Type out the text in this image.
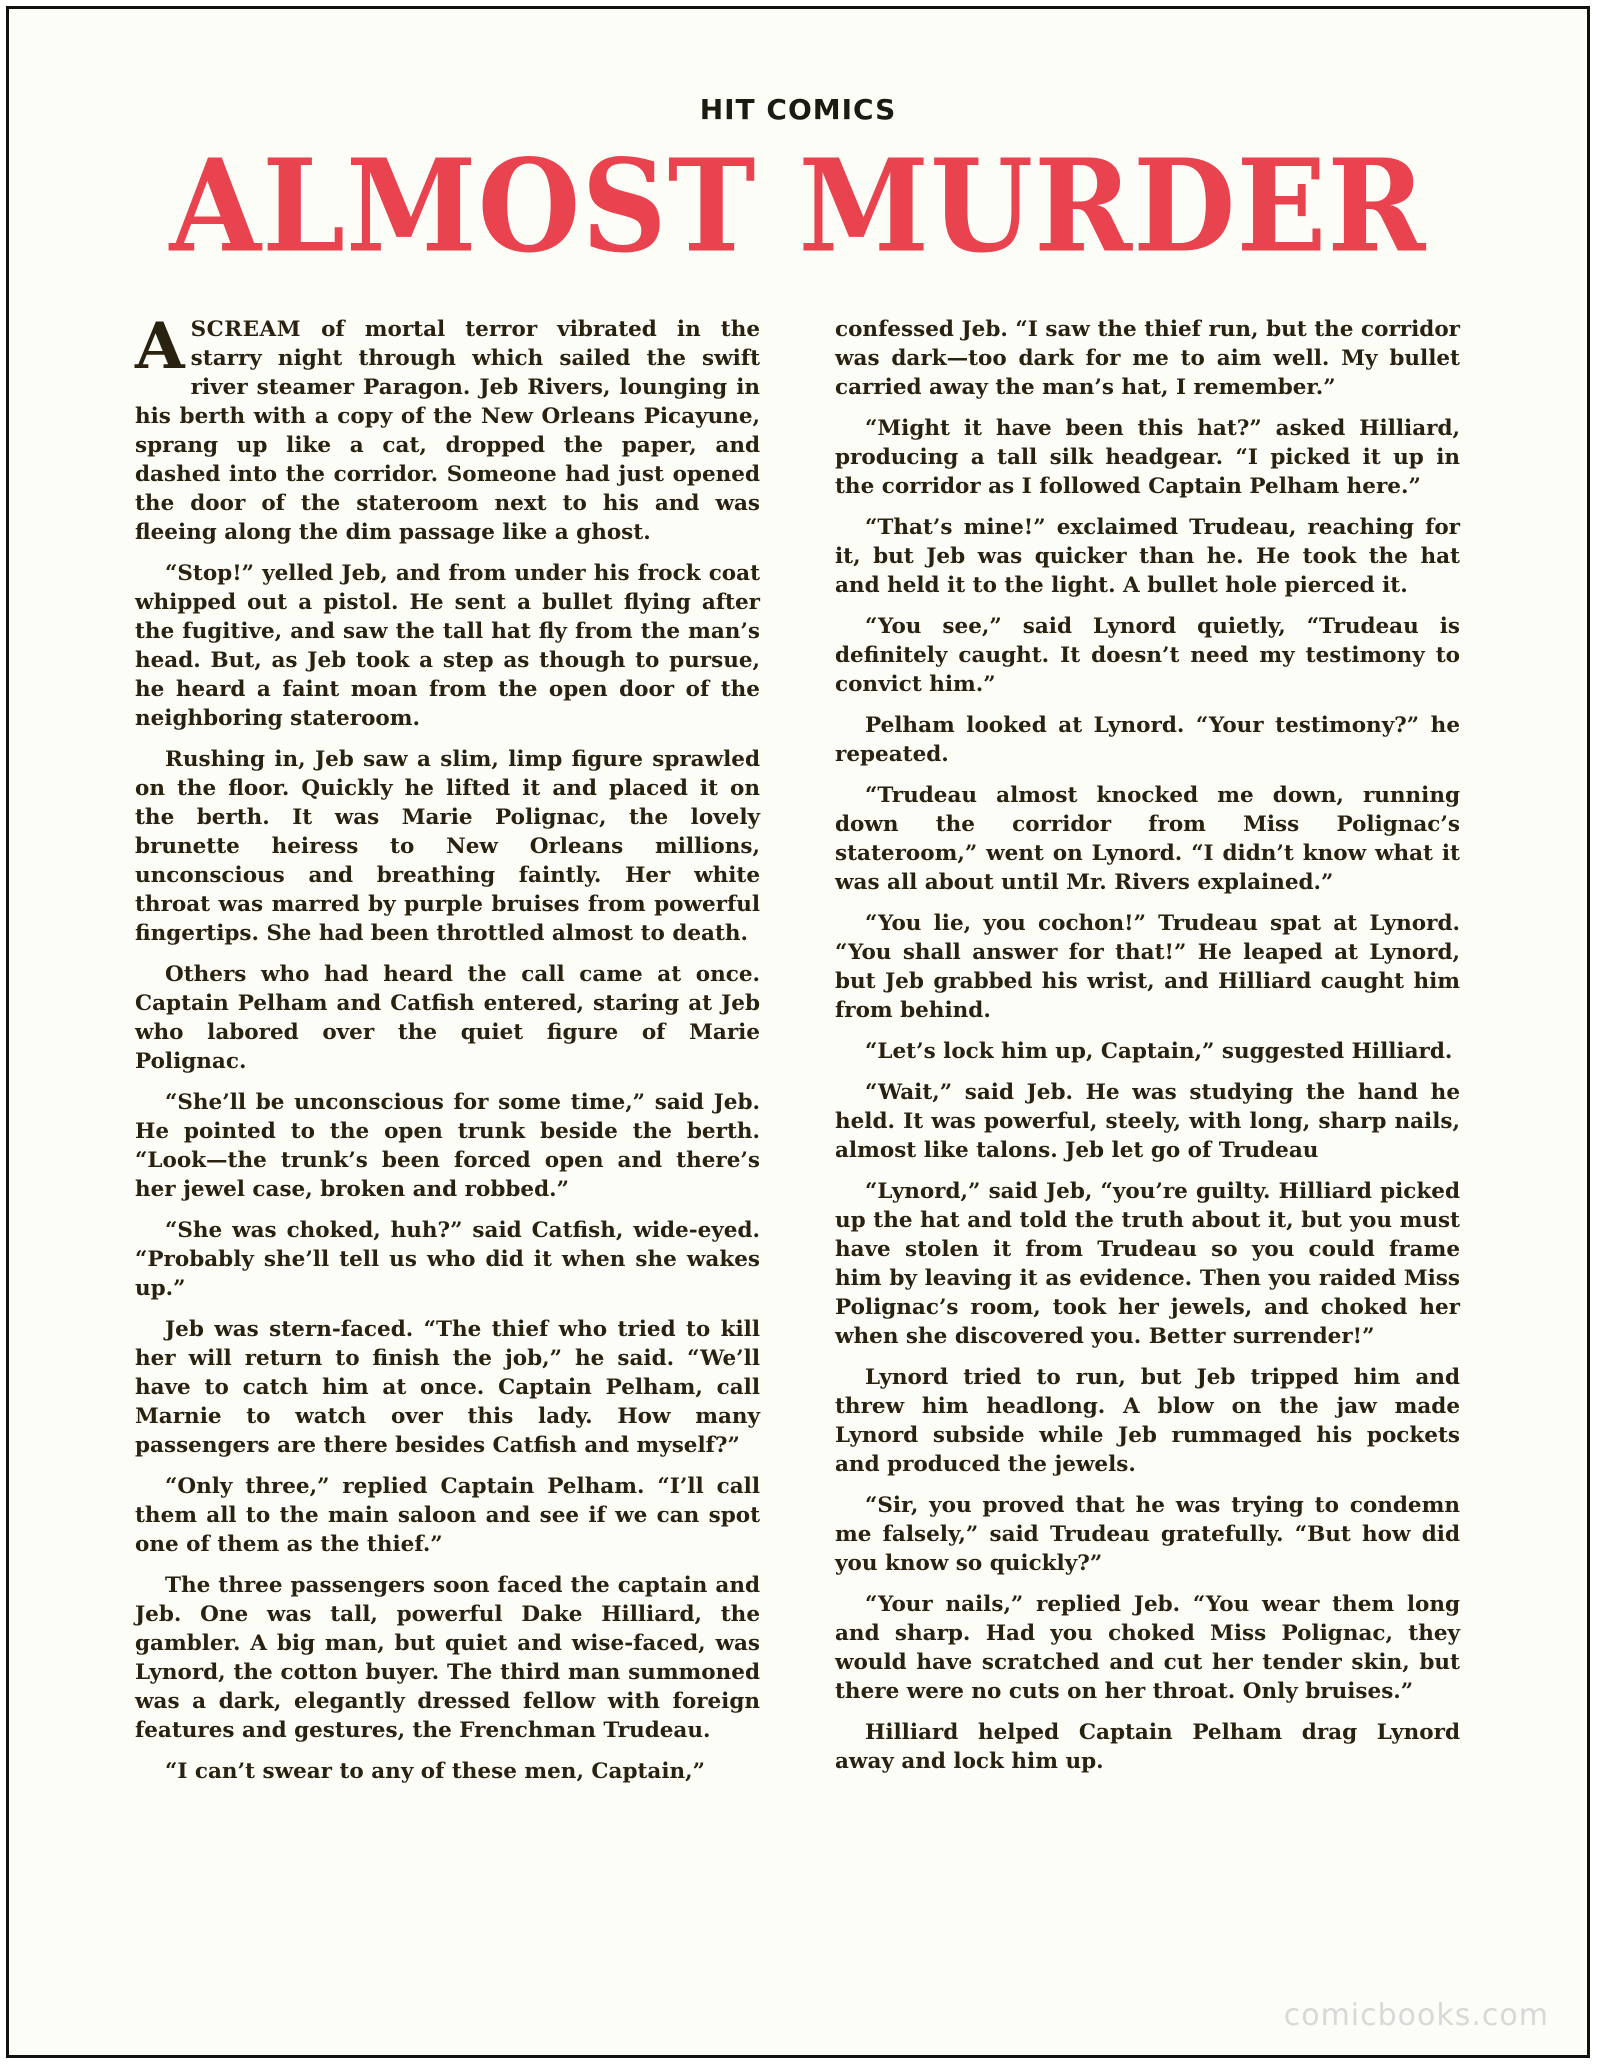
HIT COMICS
ALMOST MURDER

ASCREAM of mortal terror vibrated in the starry night through which sailed the swift river steamer Paragon. Jeb Rivers, lounging in his berth with a copy of the New Orleans Picayune, sprang up like a cat, dropped the paper, and dashed into the corridor. Someone had just opened the door of the stateroom next to his and was fleeing along the dim passage like a ghost.

“Stop!” yelled Jeb, and from under his frock coat whipped out a pistol. He sent a bullet flying after the fugitive, and saw the tall hat fly from the man’s head. But, as Jeb took a step as though to pursue, he heard a faint moan from the open door of the neighboring stateroom.

Rushing in, Jeb saw a slim, limp figure sprawled on the floor. Quickly he lifted it and placed it on the berth. It was Marie Polignac, the lovely brunette heiress to New Orleans millions, unconscious and breathing faintly. Her white throat was marred by purple bruises from powerful fingertips. She had been throttled almost to death.

Others who had heard the call came at once. Captain Pelham and Catfish entered, staring at Jeb who labored over the quiet figure of Marie Polignac.

“She’ll be unconscious for some time,” said Jeb. He pointed to the open trunk beside the berth. “Look—the trunk’s been forced open and there’s her jewel case, broken and robbed.”

“She was choked, huh?” said Catfish, wide-eyed. “Probably she’ll tell us who did it when she wakes up.”

Jeb was stern-faced. “The thief who tried to kill her will return to finish the job,” he said. “We’ll have to catch him at once. Captain Pelham, call Marnie to watch over this lady. How many passengers are there besides Catfish and myself?”

“Only three,” replied Captain Pelham. “I’ll call them all to the main saloon and see if we can spot one of them as the thief.”

The three passengers soon faced the captain and Jeb. One was tall, powerful Dake Hilliard, the gambler. A big man, but quiet and wise-faced, was Lynord, the cotton buyer. The third man summoned was a dark, elegantly dressed fellow with foreign features and gestures, the Frenchman Trudeau.

“I can’t swear to any of these men, Captain,”

confessed Jeb. “I saw the thief run, but the corridor was dark—too dark for me to aim well. My bullet carried away the man’s hat, I remember.”

“Might it have been this hat?” asked Hilliard, producing a tall silk headgear. “I picked it up in the corridor as I followed Captain Pelham here.”

“That’s mine!” exclaimed Trudeau, reaching for it, but Jeb was quicker than he. He took the hat and held it to the light. A bullet hole pierced it.

“You see,” said Lynord quietly, “Trudeau is definitely caught. It doesn’t need my testimony to convict him.”

Pelham looked at Lynord. “Your testimony?” he repeated.

“Trudeau almost knocked me down, running down the corridor from Miss Polignac’s stateroom,” went on Lynord. “I didn’t know what it was all about until Mr. Rivers explained.”

“You lie, you cochon!” Trudeau spat at Lynord. “You shall answer for that!” He leaped at Lynord, but Jeb grabbed his wrist, and Hilliard caught him from behind.

“Let’s lock him up, Captain,” suggested Hilliard.

“Wait,” said Jeb. He was studying the hand he held. It was powerful, steely, with long, sharp nails, almost like talons. Jeb let go of Trudeau

“Lynord,” said Jeb, “you’re guilty. Hilliard picked up the hat and told the truth about it, but you must have stolen it from Trudeau so you could frame him by leaving it as evidence. Then you raided Miss Polignac’s room, took her jewels, and choked her when she discovered you. Better surrender!”

Lynord tried to run, but Jeb tripped him and threw him headlong. A blow on the jaw made Lynord subside while Jeb rummaged his pockets and produced the jewels.

“Sir, you proved that he was trying to condemn me falsely,” said Trudeau gratefully. “But how did you know so quickly?”

“Your nails,” replied Jeb. “You wear them long and sharp. Had you choked Miss Polignac, they would have scratched and cut her tender skin, but there were no cuts on her throat. Only bruises.”

Hilliard helped Captain Pelham drag Lynord away and lock him up.

comicbooks.com
